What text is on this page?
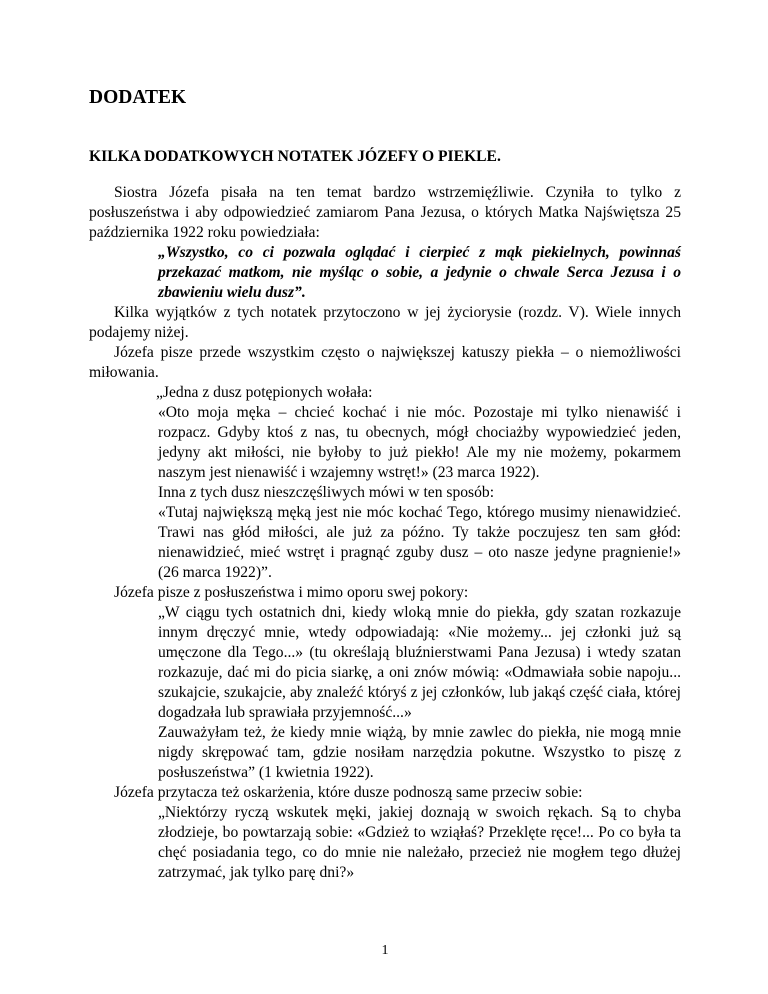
DODATEK
KILKA DODATKOWYCH NOTATEK JÓZEFY O PIEKLE.

Siostra Józefa pisała na ten temat bardzo wstrzemięźliwie. Czyniła to tylko z posłuszeństwa i aby odpowiedzieć zamiarom Pana Jezusa, o których Matka Najświętsza 25 października 1922 roku powiedziała:

„Wszystko, co ci pozwala oglądać i cierpieć z mąk piekielnych, powinnaś przekazać matkom, nie myśląc o sobie, a jedynie o chwale Serca Jezusa i o zbawieniu wielu dusz”.

Kilka wyjątków z tych notatek przytoczono w jej życiorysie (rozdz. V). Wiele innych podajemy niżej.

Józefa pisze przede wszystkim często o największej katuszy piekła – o niemożliwości miłowania.

„Jedna z dusz potępionych wołała:

«Oto moja męka – chcieć kochać i nie móc. Pozostaje mi tylko nienawiść i rozpacz. Gdyby ktoś z nas, tu obecnych, mógł chociażby wypowiedzieć jeden, jedyny akt miłości, nie byłoby to już piekło! Ale my nie możemy, pokarmem naszym jest nienawiść i wzajemny wstręt!» (23 marca 1922).

Inna z tych dusz nieszczęśliwych mówi w ten sposób:

«Tutaj największą męką jest nie móc kochać Tego, którego musimy nienawidzieć. Trawi nas głód miłości, ale już za późno. Ty także poczujesz ten sam głód: nienawidzieć, mieć wstręt i pragnąć zguby dusz – oto nasze jedyne pragnienie!» (26 marca 1922)”.

Józefa pisze z posłuszeństwa i mimo oporu swej pokory:

„W ciągu tych ostatnich dni, kiedy wloką mnie do piekła, gdy szatan rozkazuje innym dręczyć mnie, wtedy odpowiadają: «Nie możemy... jej członki już są umęczone dla Tego...» (tu określają bluźnierstwami Pana Jezusa) i wtedy szatan rozkazuje, dać mi do picia siarkę, a oni znów mówią: «Odmawiała sobie napoju... szukajcie, szukajcie, aby znaleźć któryś z jej członków, lub jakąś część ciała, której dogadzała lub sprawiała przyjemność...»

Zauważyłam też, że kiedy mnie wiążą, by mnie zawlec do piekła, nie mogą mnie nigdy skrępować tam, gdzie nosiłam narzędzia pokutne. Wszystko to piszę z posłuszeństwa” (1 kwietnia 1922).

Józefa przytacza też oskarżenia, które dusze podnoszą same przeciw sobie:

„Niektórzy ryczą wskutek męki, jakiej doznają w swoich rękach. Są to chyba złodzieje, bo powtarzają sobie: «Gdzież to wziąłaś? Przeklęte ręce!... Po co była ta chęć posiadania tego, co do mnie nie należało, przecież nie mogłem tego dłużej zatrzymać, jak tylko parę dni?»

1
